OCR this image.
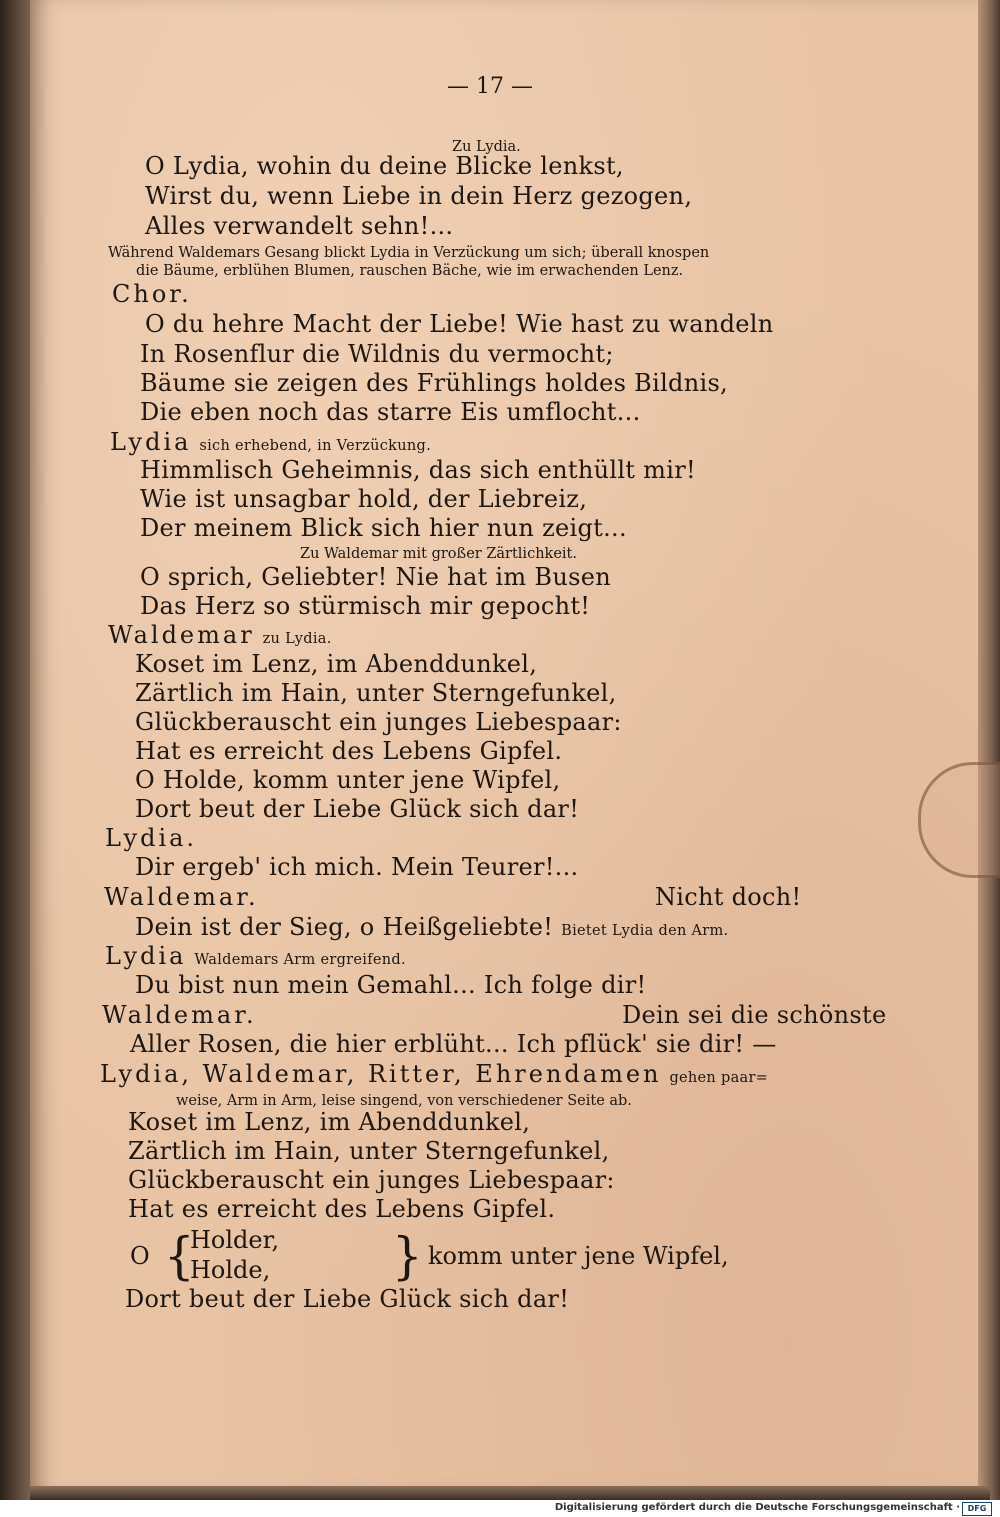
— 17 —
Zu Lydia.
O Lydia, wohin du deine Blicke lenkst,
Wirst du, wenn Liebe in dein Herz gezogen,
Alles verwandelt sehn!...
Während Waldemars Gesang blickt Lydia in Verzückung um sich; überall knospen
die Bäume, erblühen Blumen, rauschen Bäche, wie im erwachenden Lenz.
Chor.
O du hehre Macht der Liebe! Wie hast zu wandeln
In Rosenflur die Wildnis du vermocht;
Bäume sie zeigen des Frühlings holdes Bildnis,
Die eben noch das starre Eis umflocht...
Lydia sich erhebend, in Verzückung.
Himmlisch Geheimnis, das sich enthüllt mir!
Wie ist unsagbar hold, der Liebreiz,
Der meinem Blick sich hier nun zeigt...
Zu Waldemar mit großer Zärtlichkeit.
O sprich, Geliebter! Nie hat im Busen
Das Herz so stürmisch mir gepocht!
Waldemar zu Lydia.
Koset im Lenz, im Abenddunkel,
Zärtlich im Hain, unter Sterngefunkel,
Glückberauscht ein junges Liebespaar:
Hat es erreicht des Lebens Gipfel.
O Holde, komm unter jene Wipfel,
Dort beut der Liebe Glück sich dar!
Lydia.
Dir ergeb' ich mich. Mein Teurer!...
Waldemar.	Nicht doch!
Dein ist der Sieg, o Heißgeliebte! Bietet Lydia den Arm.
Lydia Waldemars Arm ergreifend.
Du bist nun mein Gemahl... Ich folge dir!
Waldemar.	Dein sei die schönste
Aller Rosen, die hier erblüht... Ich pflück' sie dir! —
Lydia, Waldemar, Ritter, Ehrendamen gehen paar=
weise, Arm in Arm, leise singend, von verschiedener Seite ab.
Koset im Lenz, im Abenddunkel,
Zärtlich im Hain, unter Sterngefunkel,
Glückberauscht ein junges Liebespaar:
Hat es erreicht des Lebens Gipfel.
O {
Holder,
Holde,	} komm unter jene Wipfel,
Dort beut der Liebe Glück sich dar!
Digitalisierung gefördert durch die Deutsche Forschungsgemeinschaft · DFG
